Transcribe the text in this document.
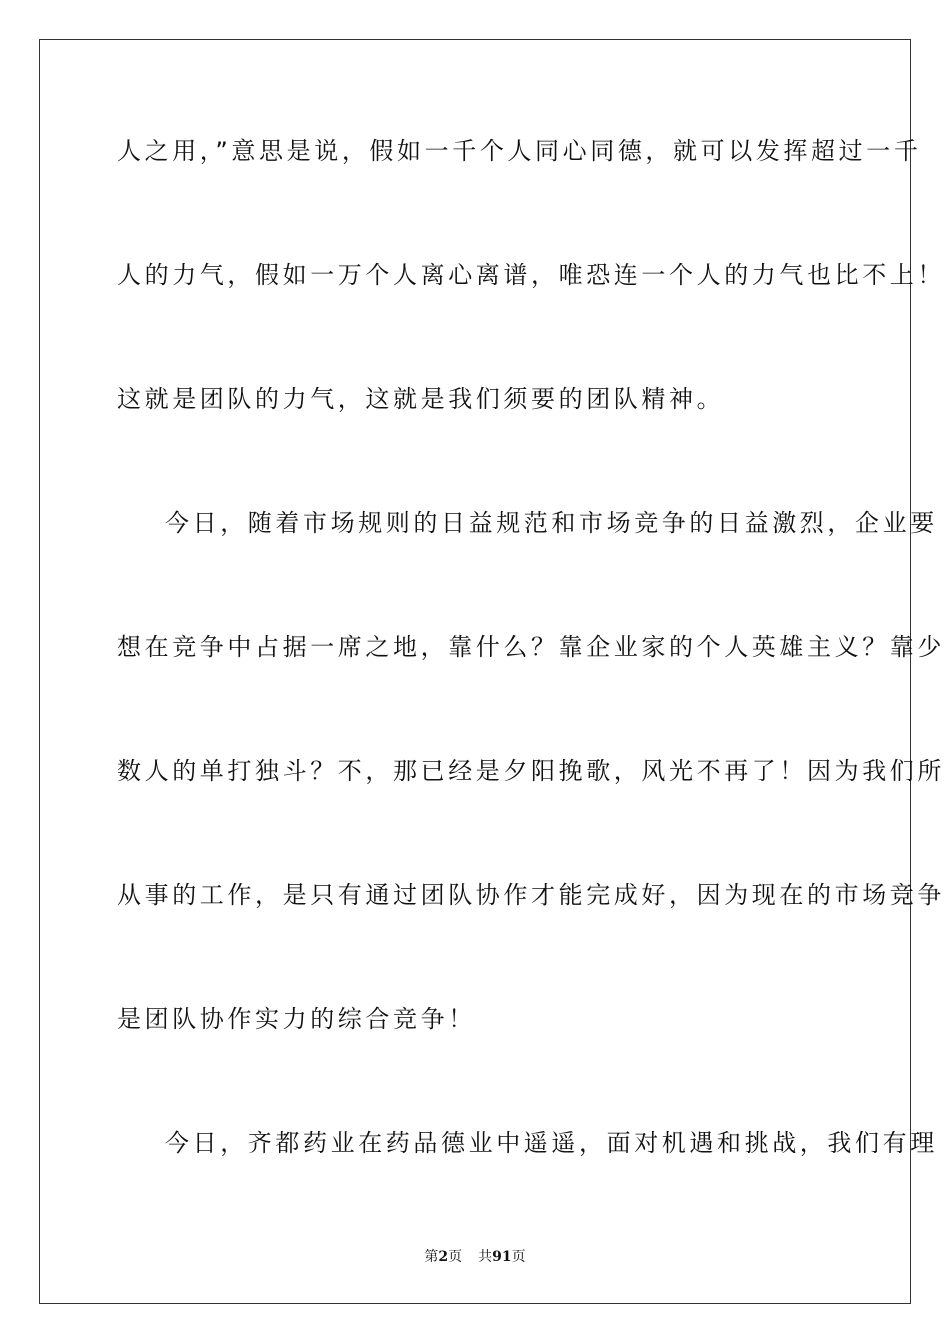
人之用，”意思是说，假如一千个人同心同德，就可以发挥超过一千
人的力气，假如一万个人离心离谱，唯恐连一个人的力气也比不上！
这就是团队的力气，这就是我们须要的团队精神。
今日，随着市场规则的日益规范和市场竞争的日益激烈，企业要
想在竞争中占据一席之地，靠什么？靠企业家的个人英雄主义？靠少
数人的单打独斗？不，那已经是夕阳挽歌，风光不再了！因为我们所
从事的工作，是只有通过团队协作才能完成好，因为现在的市场竞争
是团队协作实力的综合竞争！
今日，齐都药业在药品德业中遥遥，面对机遇和挑战，我们有理
第2页 共91页
